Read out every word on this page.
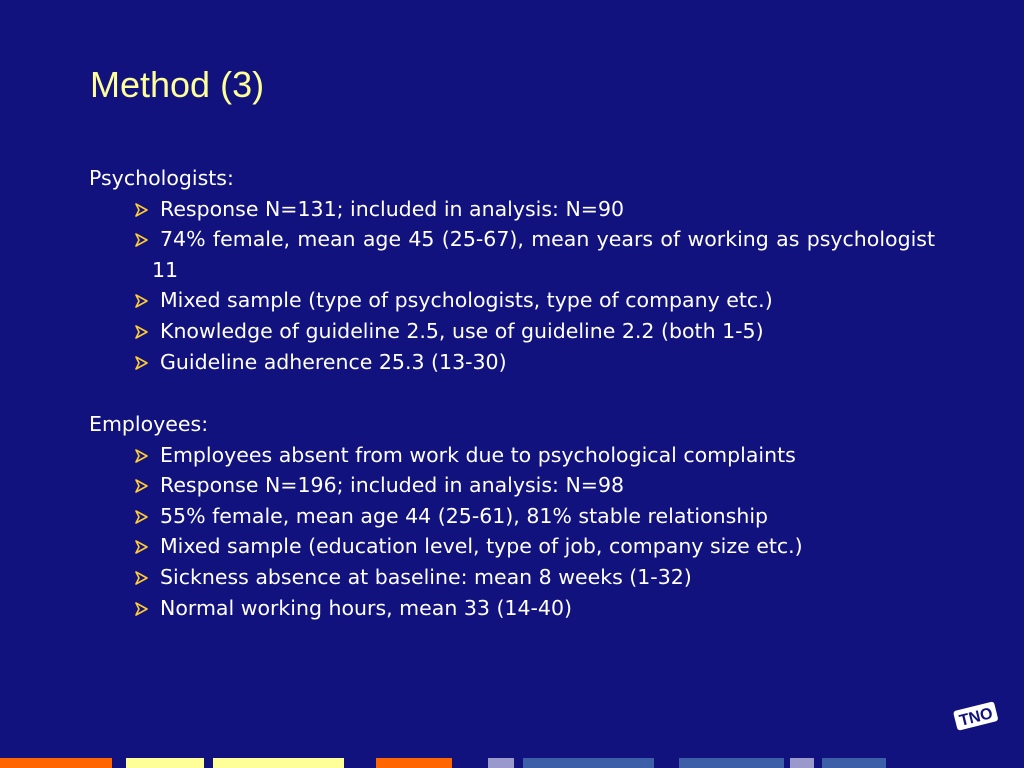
Method (3)
Psychologists:
Response N=131; included in analysis: N=90
74% female, mean age 45 (25-67), mean years of working as psychologist 11
Mixed sample (type of psychologists, type of company etc.)
Knowledge of guideline 2.5, use of guideline 2.2 (both 1-5)
Guideline adherence 25.3 (13-30)
Employees:
Employees absent from work due to psychological complaints
Response N=196; included in analysis: N=98
55% female, mean age 44 (25-61), 81% stable relationship
Mixed sample (education level, type of job, company size etc.)
Sickness absence at baseline: mean 8 weeks (1-32)
Normal working hours, mean 33 (14-40)
TNO
